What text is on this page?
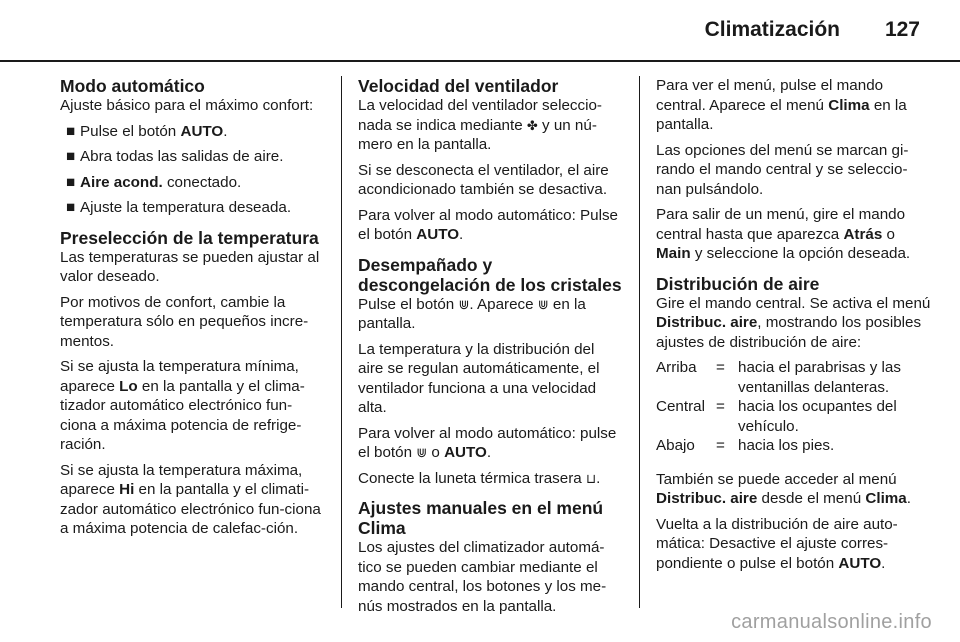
Climatización 127
Modo automático

Ajuste básico para el máximo confort:

■ Pulse el botón AUTO.
■ Abra todas las salidas de aire.
■ Aire acond. conectado.
■ Ajuste la temperatura deseada.
Preselección de la temperatura

Las temperaturas se pueden ajustar al valor deseado.

Por motivos de confort, cambie la temperatura sólo en pequeños incre-mentos.

Si se ajusta la temperatura mínima, aparece Lo en la pantalla y el clima-tizador automático electrónico fun-ciona a máxima potencia de refrige-ración.

Si se ajusta la temperatura máxima, aparece Hi en la pantalla y el climati-zador automático electrónico fun-ciona a máxima potencia de calefac-ción.

Velocidad del ventilador

La velocidad del ventilador seleccio-nada se indica mediante ✤ y un nú-mero en la pantalla.

Si se desconecta el ventilador, el aire acondicionado también se desactiva.

Para volver al modo automático: Pulse el botón AUTO.

Desempañado y descongelación de los cristales

Pulse el botón ⋓. Aparece ⋓ en la pantalla.

La temperatura y la distribución del aire se regulan automáticamente, el ventilador funciona a una velocidad alta.

Para volver al modo automático: pulse el botón ⋓ o AUTO.

Conecte la luneta térmica trasera ⊔.

Ajustes manuales en el menú Clima

Los ajustes del climatizador automá-tico se pueden cambiar mediante el mando central, los botones y los me-nús mostrados en la pantalla.

Para ver el menú, pulse el mando central. Aparece el menú Clima en la pantalla.

Las opciones del menú se marcan gi-rando el mando central y se seleccio-nan pulsándolo.

Para salir de un menú, gire el mando central hasta que aparezca Atrás o Main y seleccione la opción deseada.

Distribución de aire

Gire el mando central. Se activa el menú Distribuc. aire, mostrando los posibles ajustes de distribución de aire:

Arriba	= hacia el parabrisas y las ventanillas delanteras.
Central = hacia los ocupantes del vehículo.
Abajo	= hacia los pies.

También se puede acceder al menú Distribuc. aire desde el menú Clima.

Vuelta a la distribución de aire auto-mática: Desactive el ajuste corres-pondiente o pulse el botón AUTO.

carmanualsonline.info
